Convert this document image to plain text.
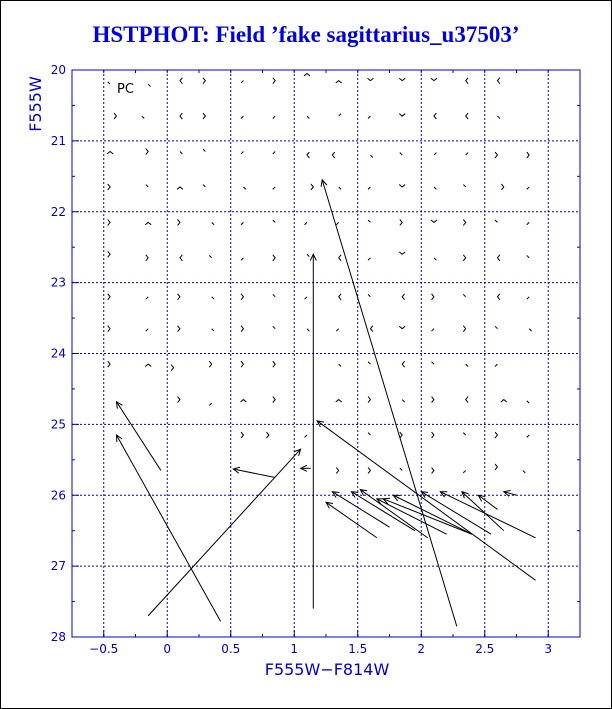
HSTPHOT: Field ’fake sagittarius_u37503’
−0.5	0	0.5	1	1.5	2	2.5	3
20
21
22
23
24
25
26
27
28
PC
F555W−F814W
F555W
